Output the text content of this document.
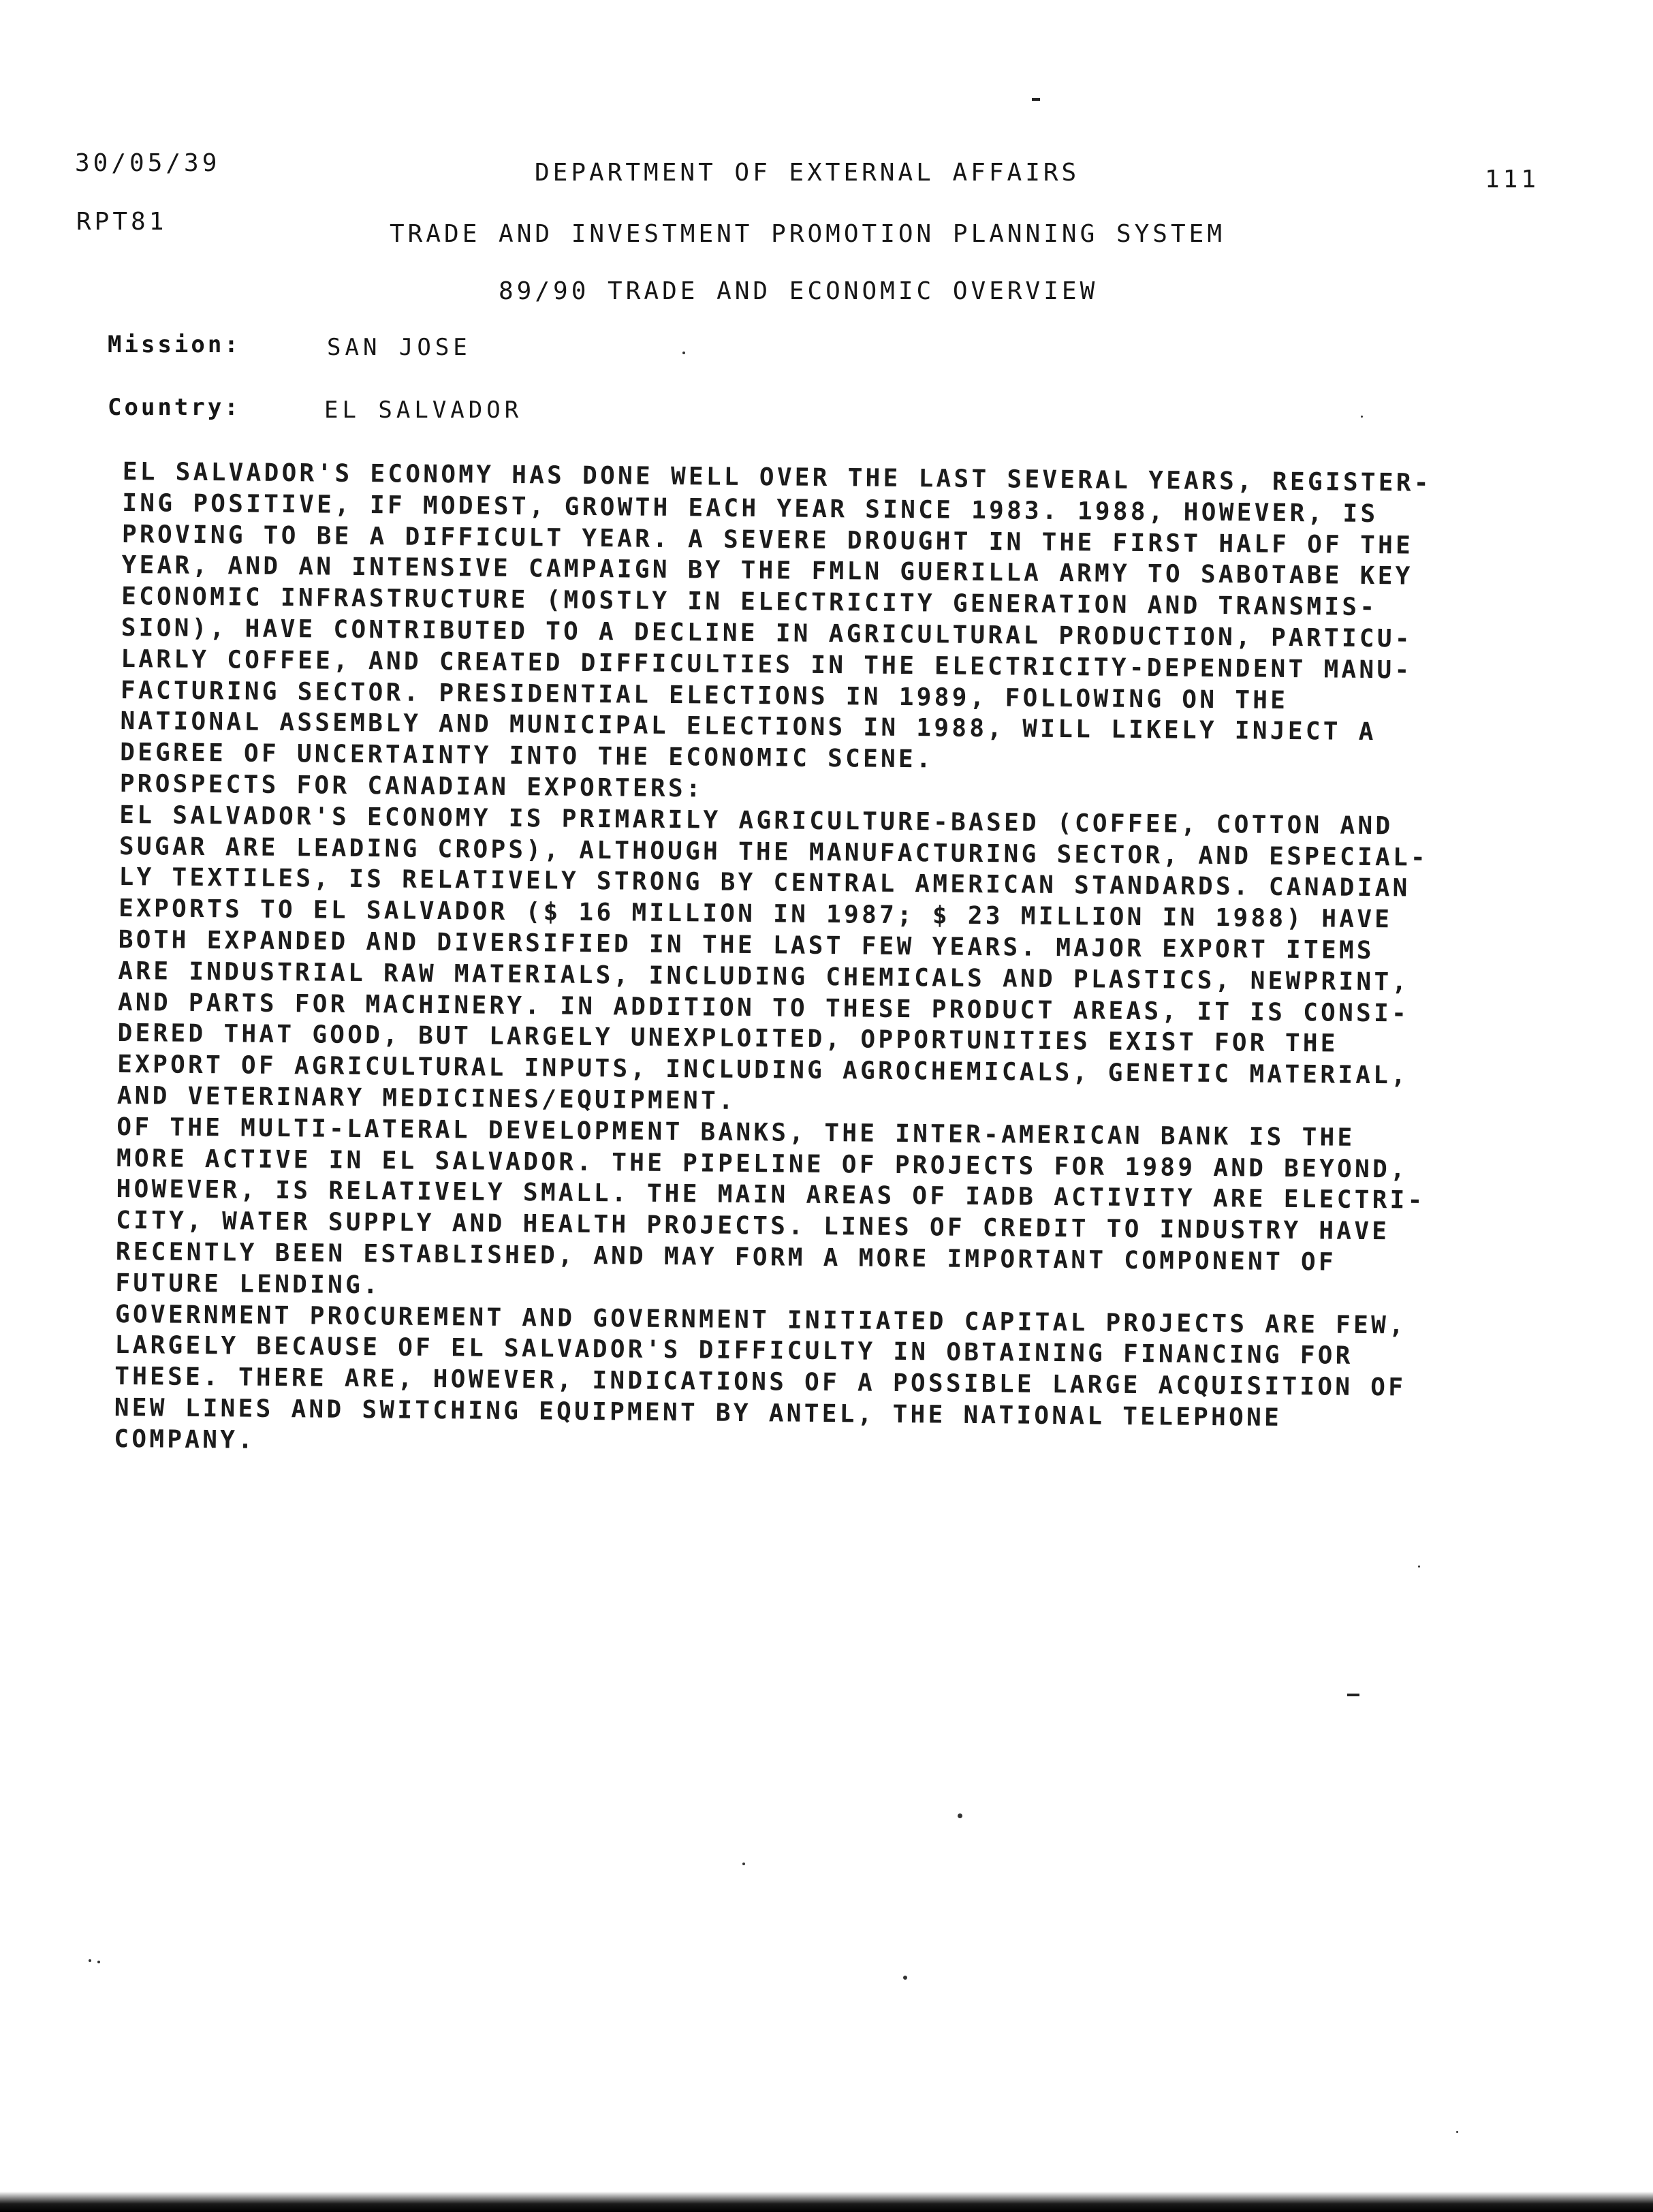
30/05/39	DEPARTMENT OF EXTERNAL AFFAIRS	111
RPT81	TRADE AND INVESTMENT PROMOTION PLANNING SYSTEM
89/90 TRADE AND ECONOMIC OVERVIEW
Mission:	SAN JOSE
Country:	EL SALVADOR
EL SALVADOR'S ECONOMY HAS DONE WELL OVER THE LAST SEVERAL YEARS, REGISTER-
ING POSITIVE, IF MODEST, GROWTH EACH YEAR SINCE 1983. 1988, HOWEVER, IS
PROVING TO BE A DIFFICULT YEAR. A SEVERE DROUGHT IN THE FIRST HALF OF THE
YEAR, AND AN INTENSIVE CAMPAIGN BY THE FMLN GUERILLA ARMY TO SABOTABE KEY
ECONOMIC INFRASTRUCTURE (MOSTLY IN ELECTRICITY GENERATION AND TRANSMIS-
SION), HAVE CONTRIBUTED TO A DECLINE IN AGRICULTURAL PRODUCTION, PARTICU-
LARLY COFFEE, AND CREATED DIFFICULTIES IN THE ELECTRICITY-DEPENDENT MANU-
FACTURING SECTOR. PRESIDENTIAL ELECTIONS IN 1989, FOLLOWING ON THE
NATIONAL ASSEMBLY AND MUNICIPAL ELECTIONS IN 1988, WILL LIKELY INJECT A
DEGREE OF UNCERTAINTY INTO THE ECONOMIC SCENE.
PROSPECTS FOR CANADIAN EXPORTERS:
EL SALVADOR'S ECONOMY IS PRIMARILY AGRICULTURE-BASED (COFFEE, COTTON AND
SUGAR ARE LEADING CROPS), ALTHOUGH THE MANUFACTURING SECTOR, AND ESPECIAL-
LY TEXTILES, IS RELATIVELY STRONG BY CENTRAL AMERICAN STANDARDS. CANADIAN
EXPORTS TO EL SALVADOR ($ 16 MILLION IN 1987; $ 23 MILLION IN 1988) HAVE
BOTH EXPANDED AND DIVERSIFIED IN THE LAST FEW YEARS. MAJOR EXPORT ITEMS
ARE INDUSTRIAL RAW MATERIALS, INCLUDING CHEMICALS AND PLASTICS, NEWPRINT,
AND PARTS FOR MACHINERY. IN ADDITION TO THESE PRODUCT AREAS, IT IS CONSI-
DERED THAT GOOD, BUT LARGELY UNEXPLOITED, OPPORTUNITIES EXIST FOR THE
EXPORT OF AGRICULTURAL INPUTS, INCLUDING AGROCHEMICALS, GENETIC MATERIAL,
AND VETERINARY MEDICINES/EQUIPMENT.
OF THE MULTI-LATERAL DEVELOPMENT BANKS, THE INTER-AMERICAN BANK IS THE
MORE ACTIVE IN EL SALVADOR. THE PIPELINE OF PROJECTS FOR 1989 AND BEYOND,
HOWEVER, IS RELATIVELY SMALL. THE MAIN AREAS OF IADB ACTIVITY ARE ELECTRI-
CITY, WATER SUPPLY AND HEALTH PROJECTS. LINES OF CREDIT TO INDUSTRY HAVE
RECENTLY BEEN ESTABLISHED, AND MAY FORM A MORE IMPORTANT COMPONENT OF
FUTURE LENDING.
GOVERNMENT PROCUREMENT AND GOVERNMENT INITIATED CAPITAL PROJECTS ARE FEW,
LARGELY BECAUSE OF EL SALVADOR'S DIFFICULTY IN OBTAINING FINANCING FOR
THESE. THERE ARE, HOWEVER, INDICATIONS OF A POSSIBLE LARGE ACQUISITION OF
NEW LINES AND SWITCHING EQUIPMENT BY ANTEL, THE NATIONAL TELEPHONE
COMPANY.
